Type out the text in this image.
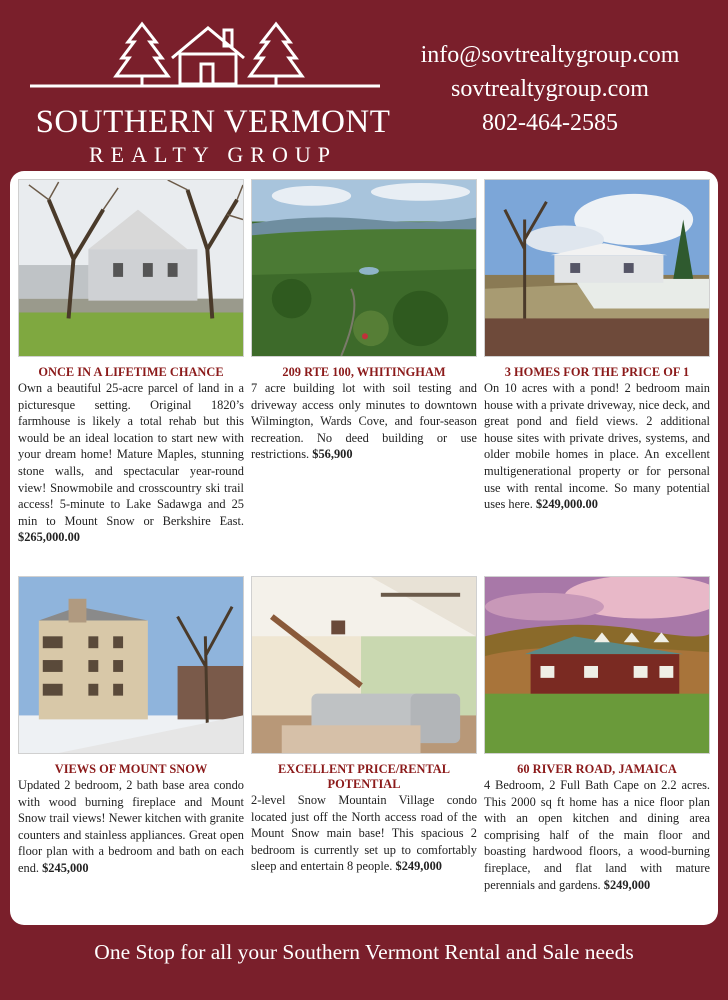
SOUTHERN VERMONT
REALTY GROUP
info@sovtrealtygroup.com
sovtrealtygroup.com
802-464-2585
ONCE IN A LIFETIME CHANCE

Own a beautiful 25-acre parcel of land in a picturesque setting. Original 1820’s farmhouse is likely a total rehab but this would be an ideal location to start new with your dream home! Mature Maples, stunning stone walls, and spectacular year-round view! Snowmobile and crosscountry ski trail access! 5-minute to Lake Sadawga and 25 min to Mount Snow or Berkshire East. $265,000.00

209 RTE 100, WHITINGHAM

7 acre building lot with soil testing and driveway access only minutes to downtown Wilmington, Wards Cove, and four-season recreation. No deed building or use restrictions. $56,900

3 HOMES FOR THE PRICE OF 1

On 10 acres with a pond! 2 bedroom main house with a private driveway, nice deck, and great pond and field views. 2 additional house sites with private drives, systems, and older mobile homes in place. An excellent multigenerational property or for personal use with rental income. So many potential uses here. $249,000.00

VIEWS OF MOUNT SNOW

Updated 2 bedroom, 2 bath base area condo with wood burning fireplace and Mount Snow trail views! Newer kitchen with granite counters and stainless appliances. Great open floor plan with a bedroom and bath on each end. $245,000

EXCELLENT PRICE/RENTAL POTENTIAL

2-level Snow Mountain Village condo located just off the North access road of the Mount Snow main base! This spacious 2 bedroom is currently set up to comfortably sleep and entertain 8 people. $249,000

60 RIVER ROAD, JAMAICA

4 Bedroom, 2 Full Bath Cape on 2.2 acres. This 2000 sq ft home has a nice floor plan with an open kitchen and dining area comprising half of the main floor and boasting hardwood floors, a wood-burning fireplace, and flat land with mature perennials and gardens. $249,000

One Stop for all your Southern Vermont Rental and Sale needs
